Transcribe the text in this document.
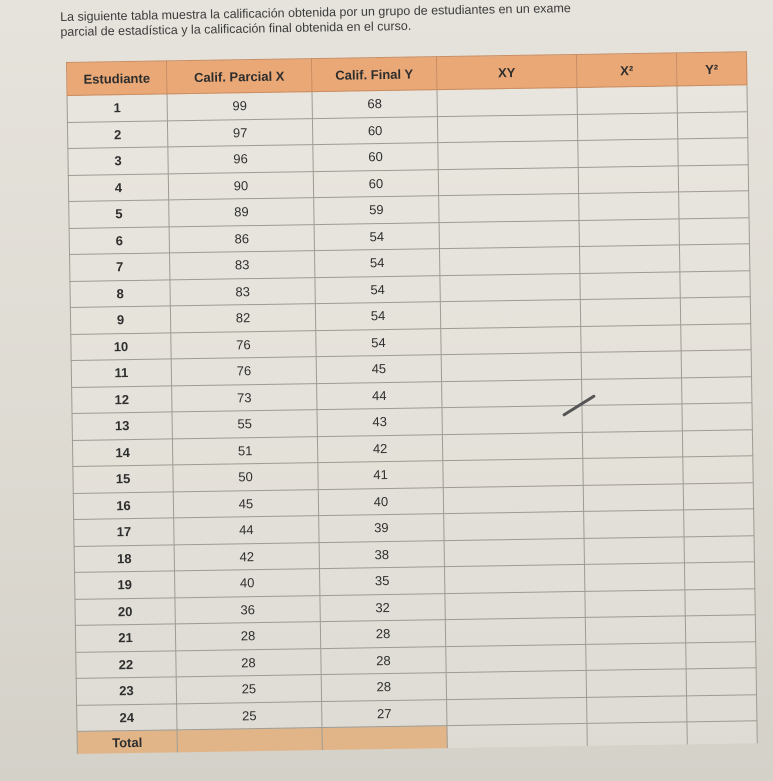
La siguiente tabla muestra la calificación obtenida por un grupo de estudiantes en un exame
parcial de estadística y la calificación final obtenida en el curso.
Estudiante	Calif. Parcial X	Calif. Final Y	XY	X²	Y²
1	99	68			
2	97	60			
3	96	60			
4	90	60			
5	89	59			
6	86	54			
7	83	54			
8	83	54			
9	82	54			
10	76	54			
11	76	45			
12	73	44			
13	55	43			
14	51	42			
15	50	41			
16	45	40			
17	44	39			
18	42	38			
19	40	35			
20	36	32			
21	28	28			
22	28	28			
23	25	28			
24	25	27			
Total					
